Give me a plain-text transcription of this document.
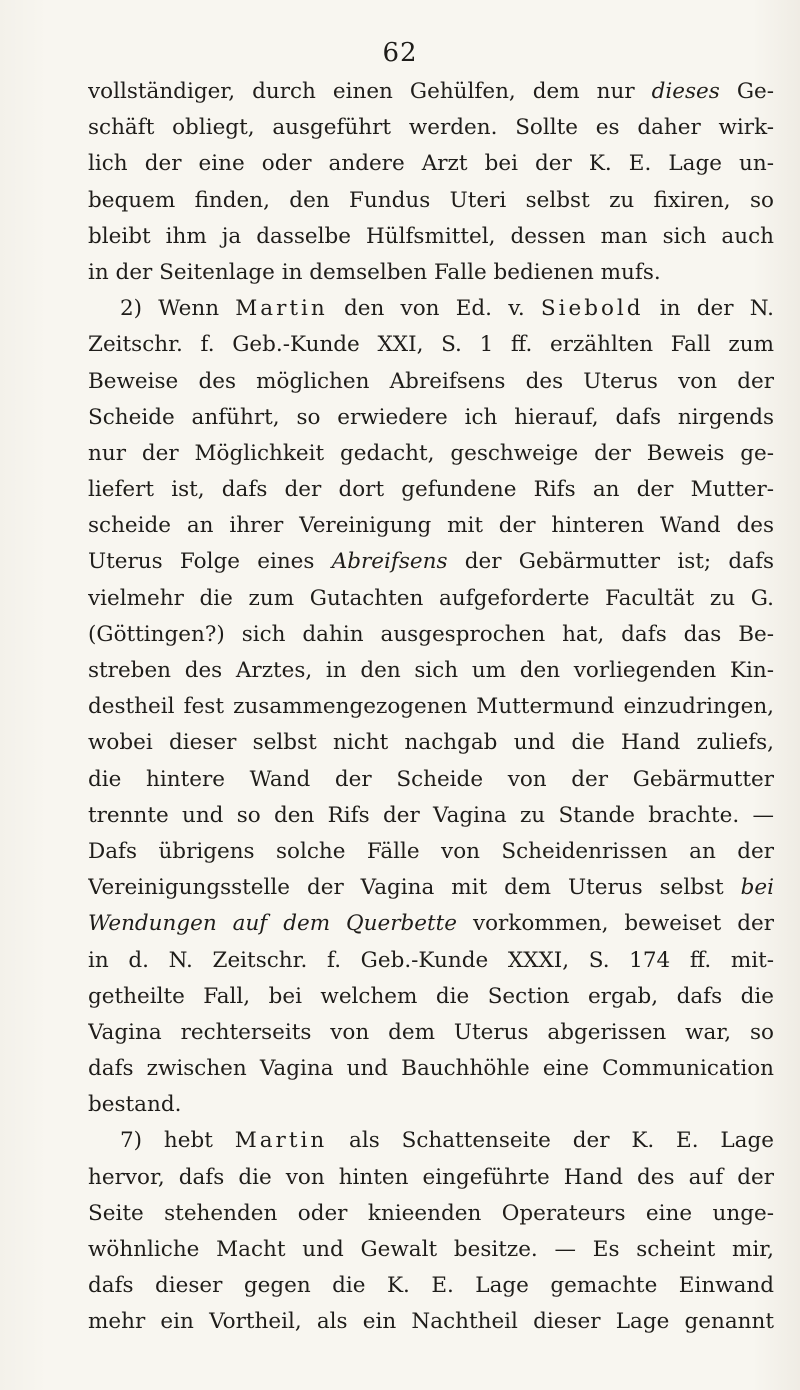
62
vollständiger, durch einen Gehülfen, dem nur dieses Ge-
schäft obliegt, ausgeführt werden. Sollte es daher wirk-
lich der eine oder andere Arzt bei der K. E. Lage un-
bequem finden, den Fundus Uteri selbst zu fixiren, so
bleibt ihm ja dasselbe Hülfsmittel, dessen man sich auch
in der Seitenlage in demselben Falle bedienen mufs.
2) Wenn Martin den von Ed. v. Siebold in der N.
Zeitschr. f. Geb.-Kunde XXI, S. 1 ff. erzählten Fall zum
Beweise des möglichen Abreifsens des Uterus von der
Scheide anführt, so erwiedere ich hierauf, dafs nirgends
nur der Möglichkeit gedacht, geschweige der Beweis ge-
liefert ist, dafs der dort gefundene Rifs an der Mutter-
scheide an ihrer Vereinigung mit der hinteren Wand des
Uterus Folge eines Abreifsens der Gebärmutter ist; dafs
vielmehr die zum Gutachten aufgeforderte Facultät zu G.
(Göttingen?) sich dahin ausgesprochen hat, dafs das Be-
streben des Arztes, in den sich um den vorliegenden Kin-
destheil fest zusammengezogenen Muttermund einzudringen,
wobei dieser selbst nicht nachgab und die Hand zuliefs,
die hintere Wand der Scheide von der Gebärmutter
trennte und so den Rifs der Vagina zu Stande brachte. —
Dafs übrigens solche Fälle von Scheidenrissen an der
Vereinigungsstelle der Vagina mit dem Uterus selbst bei
Wendungen auf dem Querbette vorkommen, beweiset der
in d. N. Zeitschr. f. Geb.-Kunde XXXI, S. 174 ff. mit-
getheilte Fall, bei welchem die Section ergab, dafs die
Vagina rechterseits von dem Uterus abgerissen war, so
dafs zwischen Vagina und Bauchhöhle eine Communication
bestand.
7) hebt Martin als Schattenseite der K. E. Lage
hervor, dafs die von hinten eingeführte Hand des auf der
Seite stehenden oder knieenden Operateurs eine unge-
wöhnliche Macht und Gewalt besitze. — Es scheint mir,
dafs dieser gegen die K. E. Lage gemachte Einwand
mehr ein Vortheil, als ein Nachtheil dieser Lage genannt
